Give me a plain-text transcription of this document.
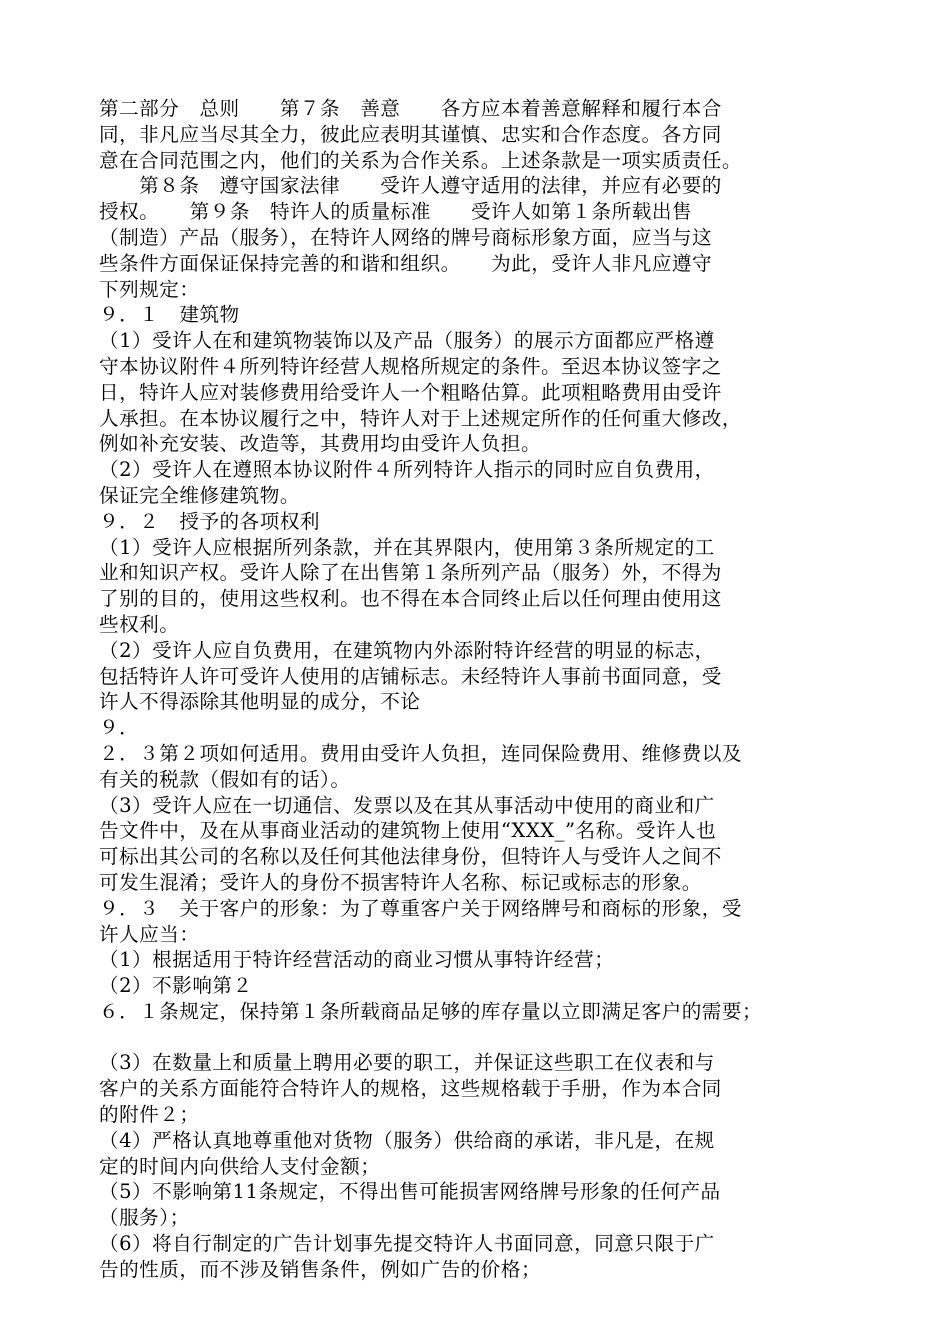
第二部分　总则　　第７条　善意　　各方应本着善意解释和履行本合
同，非凡应当尽其全力，彼此应表明其谨慎、忠实和合作态度。各方同
意在合同范围之内，他们的关系为合作关系。上述条款是一项实质责任。
　　第８条　遵守国家法律　　受许人遵守适用的法律，并应有必要的
授权。　　第９条　特许人的质量标准　　受许人如第１条所载出售
（制造）产品（服务），在特许人网络的牌号商标形象方面，应当与这
些条件方面保证保持完善的和谐和组织。　　为此，受许人非凡应遵守
下列规定：
９．１　建筑物
（1）受许人在和建筑物装饰以及产品（服务）的展示方面都应严格遵
守本协议附件４所列特许经营人规格所规定的条件。至迟本协议签字之
日，特许人应对装修费用给受许人一个粗略估算。此项粗略费用由受许
人承担。在本协议履行之中，特许人对于上述规定所作的任何重大修改，
例如补充安装、改造等，其费用均由受许人负担。
（2）受许人在遵照本协议附件４所列特许人指示的同时应自负费用，
保证完全维修建筑物。
９．２　授予的各项权利
（1）受许人应根据所列条款，并在其界限内，使用第３条所规定的工
业和知识产权。受许人除了在出售第１条所列产品（服务）外，不得为
了别的目的，使用这些权利。也不得在本合同终止后以任何理由使用这
些权利。
（2）受许人应自负费用，在建筑物内外添附特许经营的明显的标志，
包括特许人许可受许人使用的店铺标志。未经特许人事前书面同意，受
许人不得添除其他明显的成分，不论
９．
２．３第２项如何适用。费用由受许人负担，连同保险费用、维修费以及
有关的税款（假如有的话）。
（3）受许人应在一切通信、发票以及在其从事活动中使用的商业和广
告文件中，及在从事商业活动的建筑物上使用“XXX_”名称。受许人也
可标出其公司的名称以及任何其他法律身份，但特许人与受许人之间不
可发生混淆；受许人的身份不损害特许人名称、标记或标志的形象。
９．３　关于客户的形象：为了尊重客户关于网络牌号和商标的形象，受
许人应当：
（1）根据适用于特许经营活动的商业习惯从事特许经营；
（2）不影响第２
６．１条规定，保持第１条所载商品足够的库存量以立即满足客户的需要；
（3）在数量上和质量上聘用必要的职工，并保证这些职工在仪表和与
客户的关系方面能符合特许人的规格，这些规格载于手册，作为本合同
的附件２；
（4）严格认真地尊重他对货物（服务）供给商的承诺，非凡是，在规
定的时间内向供给人支付金额；
（5）不影响第11条规定，不得出售可能损害网络牌号形象的任何产品
（服务）；
（6）将自行制定的广告计划事先提交特许人书面同意，同意只限于广
告的性质，而不涉及销售条件，例如广告的价格；
